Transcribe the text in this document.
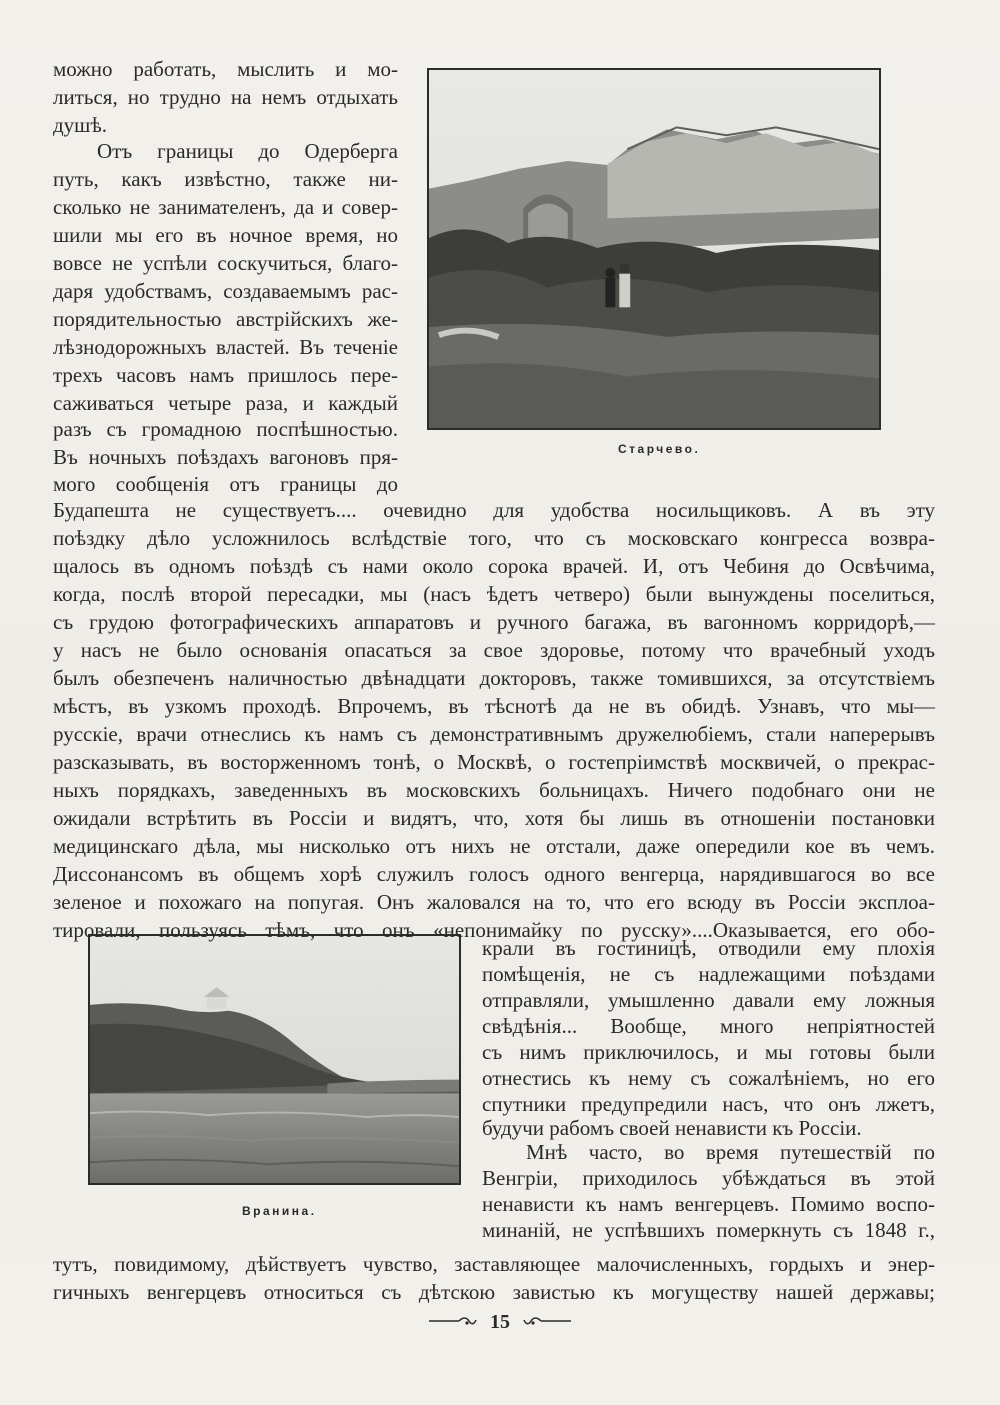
Старчево.
Вранина.
можно работать, мыслить и мо-
литься, но трудно на немъ отдыхать
душѣ.
Отъ границы до Одерберга
путь, какъ извѣстно, также ни-
сколько не занимателенъ, да и совер-
шили мы его въ ночное время, но
вовсе не успѣли соскучиться, благо-
даря удобствамъ, создаваемымъ рас-
порядительностью австрійскихъ же-
лѣзнодорожныхъ властей. Въ теченіе
трехъ часовъ намъ пришлось пере-
саживаться четыре раза, и каждый
разъ съ громадною поспѣшностью.
Въ ночныхъ поѣздахъ вагоновъ пря-
мого сообщенія отъ границы до
Будапешта не существуетъ.... очевидно для удобства носильщиковъ. А въ эту
поѣздку дѣло усложнилось вслѣдствіе того, что съ московскаго конгресса возвра-
щалось въ одномъ поѣздѣ съ нами около сорока врачей. И, отъ Чебиня до Освѣчима,
когда, послѣ второй пересадки, мы (насъ ѣдетъ четверо) были вынуждены поселиться,
съ грудою фотографическихъ аппаратовъ и ручного багажа, въ вагонномъ корридорѣ,—
у насъ не было основанія опасаться за свое здоровье, потому что врачебный уходъ
былъ обезпеченъ наличностью двѣнадцати докторовъ, также томившихся, за отсутствіемъ
мѣстъ, въ узкомъ проходѣ. Впрочемъ, въ тѣснотѣ да не въ обидѣ. Узнавъ, что мы—
русскіе, врачи отнеслись къ намъ съ демонстративнымъ дружелюбіемъ, стали наперерывъ
разсказывать, въ восторженномъ тонѣ, о Москвѣ, о гостепріимствѣ москвичей, о прекрас-
ныхъ порядкахъ, заведенныхъ въ московскихъ больницахъ. Ничего подобнаго они не
ожидали встрѣтить въ Россіи и видятъ, что, хотя бы лишь въ отношеніи постановки
медицинскаго дѣла, мы нисколько отъ нихъ не отстали, даже опередили кое въ чемъ.
Диссонансомъ въ общемъ хорѣ служилъ голосъ одного венгерца, нарядившагося во все
зеленое и похожаго на попугая. Онъ жаловался на то, что его всюду въ Россіи эксплоа-
тировали, пользуясь тѣмъ, что онъ «непонимайку по русску»....Оказывается, его обо-
крали въ гостиницѣ, отводили ему плохія
помѣщенія, не съ надлежащими поѣздами
отправляли, умышленно давали ему ложныя
свѣдѣнія... Вообще, много непріятностей
съ нимъ приключилось, и мы готовы были
отнестись къ нему съ сожалѣніемъ, но его
спутники предупредили насъ, что онъ лжетъ,
будучи рабомъ своей ненависти къ Россіи.
Мнѣ часто, во время путешествій по
Венгріи, приходилось убѣждаться въ этой
ненависти къ намъ венгерцевъ. Помимо воспо-
минаній, не успѣвшихъ померкнуть съ 1848 г.,
тутъ, повидимому, дѣйствуетъ чувство, заставляющее малочисленныхъ, гордыхъ и энер-
гичныхъ венгерцевъ относиться съ дѣтскою завистью къ могуществу нашей державы;
15
